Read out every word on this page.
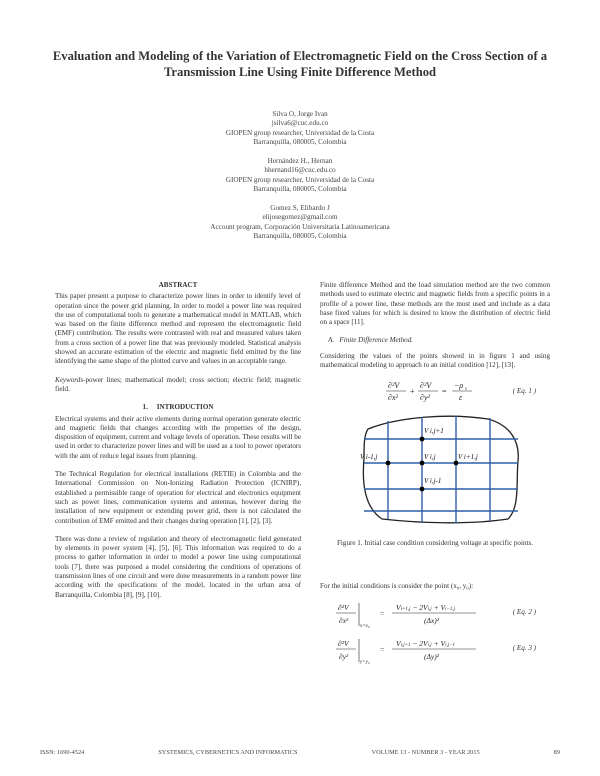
Evaluation and Modeling of the Variation of Electromagnetic Field on the Cross Section of a Transmission Line Using Finite Difference Method
Silva O, Jorge Ivan
jsilva6@cuc.edu.co
GIOPEN group researcher, Universidad de la Costa
Barranquilla, 080005, Colombia
Hernández H., Hernan
hhernand16@cuc.edu.co
GIOPEN group researcher, Universidad de la Costa
Barranquilla, 080005, Colombia
Gomez S, Elibardo J
elijosegomez@gmail.com
Account program, Corporación Universitaria Latinoamericana
Barranquilla, 080005, Colombia
ABSTRACT

This paper present a purpose to characterize power lines in order to identify level of operation since the power grid planning. In order to model a power line was required the use of computational tools to generate a mathematical model in MATLAB, which was based on the finite difference method and represent the electromagnetic field (EMF) contribution. The results were contrasted with real and measured values taken from a cross section of a power line that was previously modeled. Statistical analysis showed an accurate estimation of the electric and magnetic field emitted by the line identifying the same shape of the plotted curve and values in an acceptable range.

Keywords-power lines; mathematical model; cross section; electric field; magnetic field.

1.     INTRODUCTION

Electrical systems and their active elements during normal operation generate electric and magnetic fields that changes according with the properties of the design, disposition of equipment, current and voltage levels of operation. These results will be used in order to characterize power lines and will be used as a tool to power operators with the aim of reduce legal issues from planning.

The Technical Regulation for electrical installations (RETIE) in Colombia and the International Commission on Non-Ionizing Radiation Protection (ICNIRP), established a permissible range of operation for electrical and electronics equipment such as power lines, communication systems and antennas, however during the installation of new equipment or extending power grid, there is not calculated the contribution of EMF emitted and their changes during operation [1], [2], [3].

There was done a review of regulation and theory of electromagnetic field generated by elements in power system [4], [5], [6]. This information was required to do a process to gather information in order to model a power line using computational tools [7], there was purposed a model considering the conditions of operations of transmission lines of one circuit and were done measurements in a random power line according with the specifications of the model, located in the urban area of Barranquilla, Colombia [8], [9], [10].

Finite difference Method and the load simulation method are the two common methods used to estimate electric and magnetic fields from a specific points in a profile of a power line, these methods are the most used and include as a data base fixed values for which is desired to know the distribution of electric field on a space [11].

A.   Finite Difference Method.

Considering the values of the points showed in in figure 1 and using mathematical modeling to approach to an initial condition [12], [13].

∂²V
∂x²
+
∂²V
∂y²
=
−ρ v
ε
( Eq. 1 )
V i,j+1
V i-1,j	V i,j	V i+1,j
V i,j-1
Figure 1. Initial case condition considering voltage at specific points.

For the initial conditions is consider the point (x₀, y₀):

∂²V
∂x²
x=x₀
=
Vi+1,j − 2Vi,j + Vi−1,j
(Δx)²
( Eq. 2 )
∂²V
∂y²
y=y₀
=
Vi,j+1 − 2Vi,j + Vi,j−1
(Δy)²
( Eq. 3 )
ISSN: 1690-4524	SYSTEMICS, CYBERNETICS AND INFORMATICS	VOLUME 13 - NUMBER 3 - YEAR 2015	89
